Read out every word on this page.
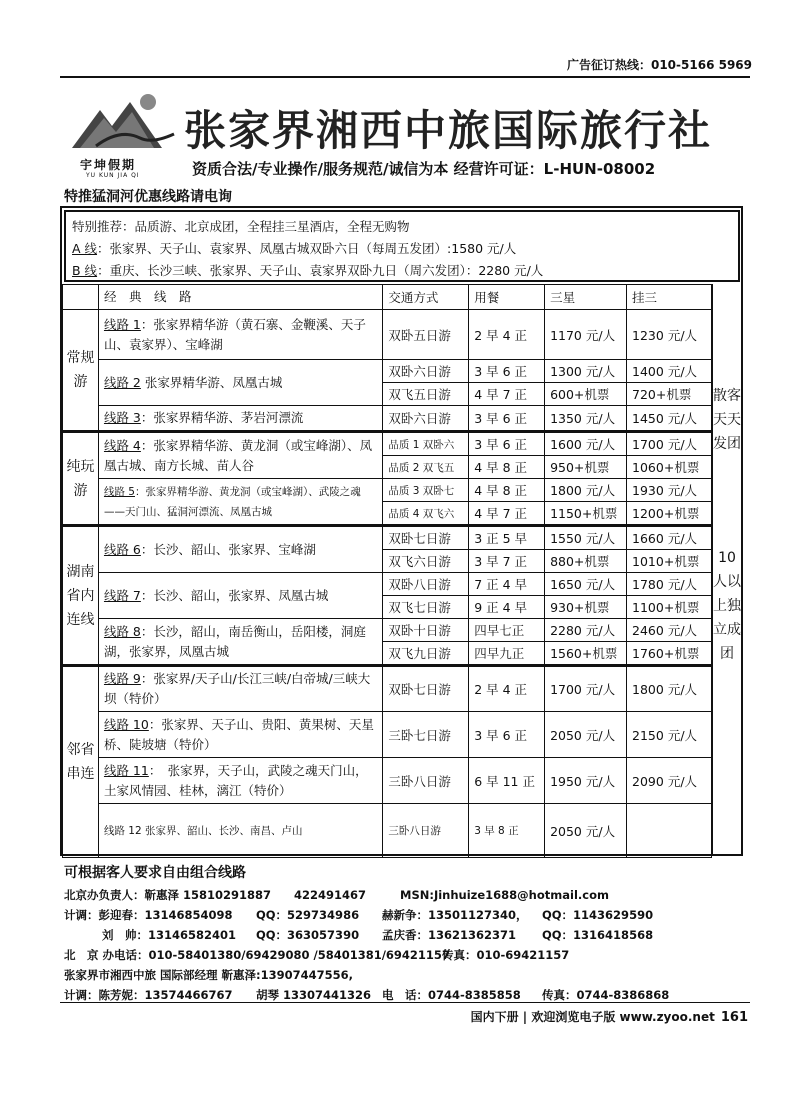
广告征订热线：010-5166 5969
宇坤假期
YU KUN JIA QI
张家界湘西中旅国际旅行社
资质合法/专业操作/服务规范/诚信为本 经营许可证：L-HUN-08002
特推猛洞河优惠线路请电询
特别推荐：品质游、北京成团，全程挂三星酒店，全程无购物
A 线：张家界、天子山、袁家界、凤凰古城双卧六日（每周五发团）:1580 元/人
B 线：重庆、长沙三峡、张家界、天子山、袁家界双卧九日（周六发团）：2280 元/人
	经　典　线　路	交通方式	用餐	三星	挂三
常规游	线路 1：张家界精华游（黄石寨、金鞭溪、天子山、袁家界）、宝峰湖	双卧五日游	2 早 4 正	1170 元/人	1230 元/人
	线路 2 张家界精华游、凤凰古城	双卧六日游	3 早 6 正	1300 元/人	1400 元/人
		双飞五日游	4 早 7 正	600+机票	720+机票
	线路 3：张家界精华游、茅岩河漂流	双卧六日游	3 早 6 正	1350 元/人	1450 元/人
纯玩游	线路 4：张家界精华游、黄龙洞（或宝峰湖）、凤凰古城、南方长城、苗人谷	品质 1 双卧六	3 早 6 正	1600 元/人	1700 元/人
		品质 2 双飞五	4 早 8 正	950+机票	1060+机票
	线路 5：张家界精华游、黄龙洞（或宝峰湖）、武陵之魂——天门山、猛洞河漂流、凤凰古城	品质 3 双卧七	4 早 8 正	1800 元/人	1930 元/人
		品质 4 双飞六	4 早 7 正	1150+机票	1200+机票
湖南省内连线	线路 6：长沙、韶山、张家界、宝峰湖	双卧七日游	3 正 5 早	1550 元/人	1660 元/人
		双飞六日游	3 早 7 正	880+机票	1010+机票
	线路 7：长沙、韶山，张家界、凤凰古城	双卧八日游	7 正 4 早	1650 元/人	1780 元/人
		双飞七日游	9 正 4 早	930+机票	1100+机票
	线路 8：长沙，韶山，南岳衡山，岳阳楼，洞庭湖，张家界，凤凰古城	双卧十日游	四早七正	2280 元/人	2460 元/人
		双飞九日游	四早九正	1560+机票	1760+机票
邻省串连	线路 9：张家界/天子山/长江三峡/白帝城/三峡大坝（特价）	双卧七日游	2 早 4 正	1700 元/人	1800 元/人
	线路 10：张家界、天子山、贵阳、黄果树、天星桥、陡坡塘（特价）	三卧七日游	3 早 6 正	2050 元/人	2150 元/人
	线路 11：　张家界，天子山，武陵之魂天门山，土家风情园、桂林，漓江（特价）	三卧八日游	6 早 11 正	1950 元/人	2090 元/人
	线路 12 张家界、韶山、长沙、南昌、卢山	三卧八日游	3 早 8 正	2050 元/人	
散客天天发团
10人以上独立成团
可根据客人要求自由组合线路
北京办负责人：靳惠泽 15810291887 422491467	MSN:Jinhuize1688@hotmail.com
计调：彭迎春：13146854098 QQ：529734986 赫新争：13501127340， QQ：1143629590
刘　帅：13146582401 QQ：363057390 孟庆香：13621362371 QQ：1316418568
北　京 办电话：010-58401380/69429080 /58401381/69421157
传真：010-69421157
张家界市湘西中旅 国际部经理 靳惠泽:13907447556,
计调：陈芳妮：13574466767 胡琴 13307441326 电　话：0744-8385858 传真：0744-8386868
国内下册 | 欢迎浏览电子版 www.zyoo.net 161
